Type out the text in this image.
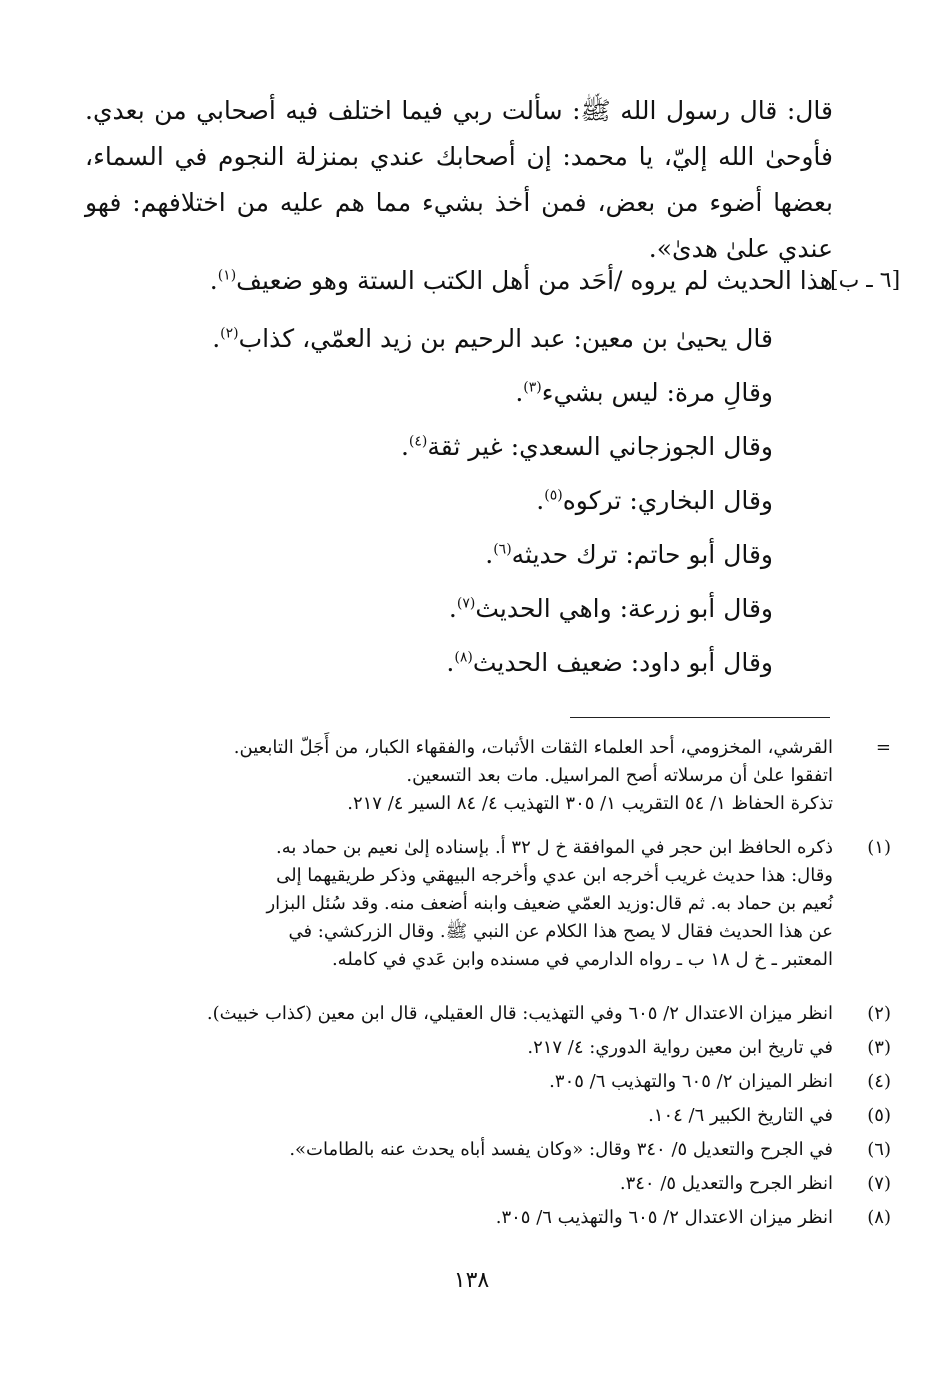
قال: قال رسول الله ﷺ: سألت ربي فيما اختلف فيه أصحابي من بعدي. فأوحىٰ الله إليّ، يا محمد: إن أصحابك عندي بمنزلة النجوم في السماء، بعضها أضوء من بعض، فمن أخذ بشيء مما هم عليه من اختلافهم: فهو عندي علىٰ هدىٰ».

[٦ ـ ب]
هذا الحديث لم يروه /أحَد من أهل الكتب الستة وهو ضعيف$^{(١)}$.
قال يحيىٰ بن معين: عبد الرحيم بن زيد العمّي، كذاب$^{(٢)}$.
وقالِ مرة: ليس بشيء$^{(٣)}$.
وقال الجوزجاني السعدي: غير ثقة$^{(٤)}$.
وقال البخاري: تركوه$^{(٥)}$.
وقال أبو حاتم: ترك حديثه$^{(٦)}$.
وقال أبو زرعة: واهي الحديث$^{(٧)}$.
وقال أبو داود: ضعيف الحديث$^{(٨)}$.
=

القرشي، المخزومي، أحد العلماء الثقات الأثبات، والفقهاء الكبار، من أَجَلّ التابعين.

اتفقوا علىٰ أن مرسلاته أصح المراسيل. مات بعد التسعين.

تذكرة الحفاظ ١/ ٥٤ التقريب ١/ ٣٠٥ التهذيب ٤/ ٨٤ السير ٤/ ٢١٧.

(١)

ذكره الحافظ ابن حجر في الموافقة خ ل ٣٢ أ. بإسناده إلىٰ نعيم بن حماد به.

وقال: هذا حديث غريب أخرجه ابن عدي وأخرجه البيهقي وذكر طريقيهما إلى

نُعيم بن حماد به. ثم قال:وزيد العمّي ضعيف وابنه أضعف منه. وقد سُئل البزار

عن هذا الحديث فقال لا يصح هذا الكلام عن النبي ﷺ. وقال الزركشي: في

المعتبر ـ خ ل ١٨ ب ـ رواه الدارمي في مسنده وابن عَدي في كامله.

(٢)

انظر ميزان الاعتدال ٢/ ٦٠٥ وفي التهذيب: قال العقيلي، قال ابن معين (كذاب خبيث).

(٣)

في تاريخ ابن معين رواية الدوري: ٤/ ٢١٧.

(٤)

انظر الميزان ٢/ ٦٠٥ والتهذيب ٦/ ٣٠٥.

(٥)

في التاريخ الكبير ٦/ ١٠٤.

(٦)

في الجرح والتعديل ٥/ ٣٤٠ وقال: «وكان يفسد أباه يحدث عنه بالطامات».

(٧)

انظر الجرح والتعديل ٥/ ٣٤٠.

(٨)

انظر ميزان الاعتدال ٢/ ٦٠٥ والتهذيب ٦/ ٣٠٥.

١٣٨
